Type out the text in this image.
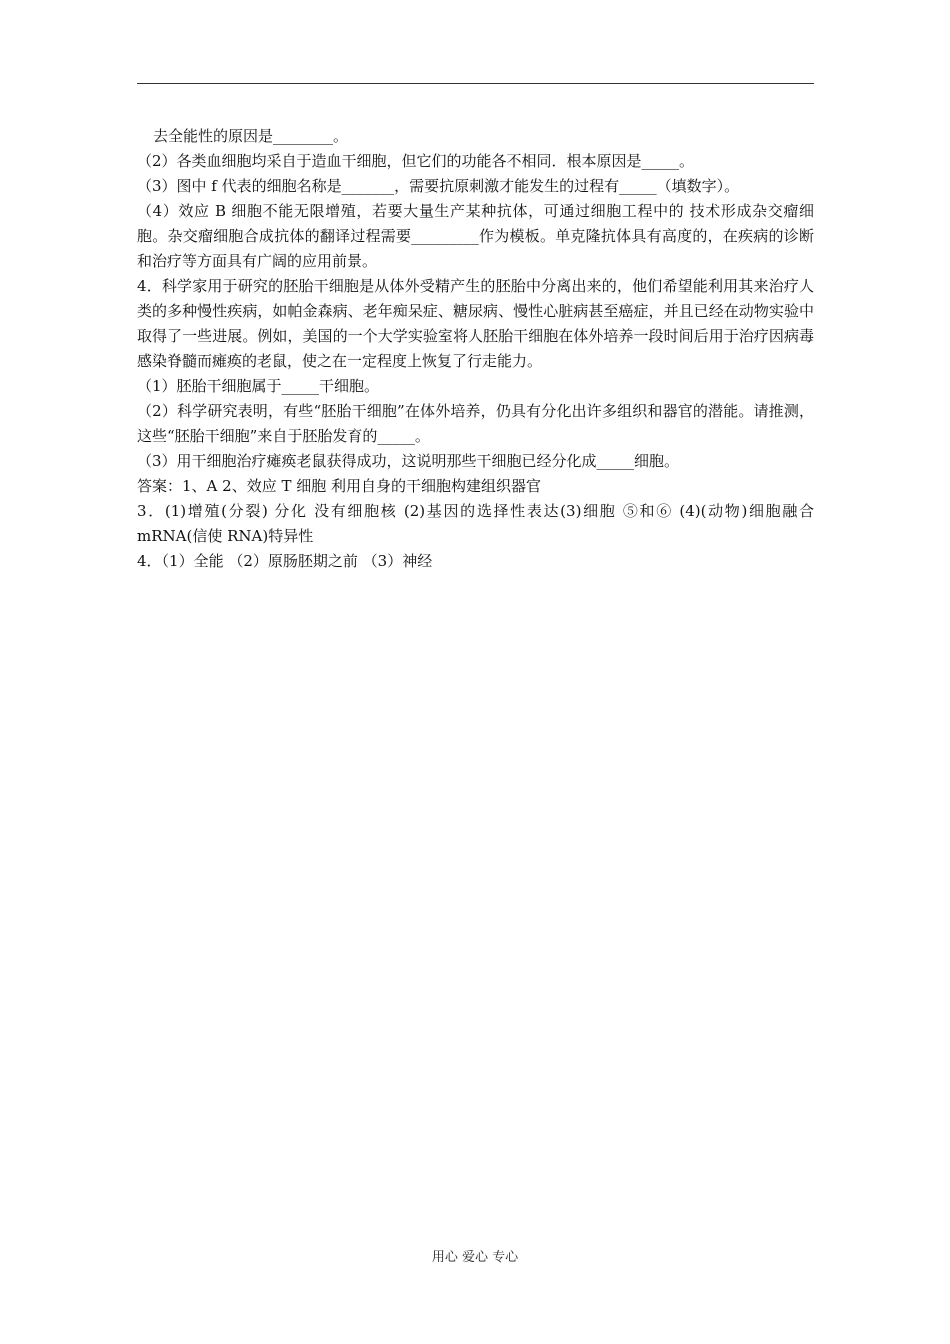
去全能性的原因是________。
（2）各类血细胞均采自于造血干细胞，但它们的功能各不相同．根本原因是_____。
（3）图中 f 代表的细胞名称是_______，需要抗原刺激才能发生的过程有_____（填数字）。
（4）效应 B 细胞不能无限增殖，若要大量生产某种抗体，可通过细胞工程中的 技术形成杂交瘤细胞。杂交瘤细胞合成抗体的翻译过程需要_________作为模板。单克隆抗体具有高度的，在疾病的诊断和治疗等方面具有广阔的应用前景。
4．科学家用于研究的胚胎干细胞是从体外受精产生的胚胎中分离出来的，他们希望能利用其来治疗人类的多种慢性疾病，如帕金森病、老年痴呆症、糖尿病、慢性心脏病甚至癌症，并且已经在动物实验中取得了一些进展。例如，美国的一个大学实验室将人胚胎干细胞在体外培养一段时间后用于治疗因病毒感染脊髓而瘫痪的老鼠，使之在一定程度上恢复了行走能力。
（1）胚胎干细胞属于_____干细胞。
（2）科学研究表明，有些“胚胎干细胞”在体外培养，仍具有分化出许多组织和器官的潜能。请推测，这些“胚胎干细胞”来自于胚胎发育的_____。
（3）用干细胞治疗瘫痪老鼠获得成功，这说明那些干细胞已经分化成_____细胞。
答案：1、A 2、效应 T 细胞 利用自身的干细胞构建组织器官
3．(1)增殖(分裂) 分化 没有细胞核 (2)基因的选择性表达(3)细胞 ⑤和⑥ (4)(动物)细胞融合 mRNA(信使 RNA)特异性
4．（1）全能 （2）原肠胚期之前 （3）神经
用心 爱心 专心
